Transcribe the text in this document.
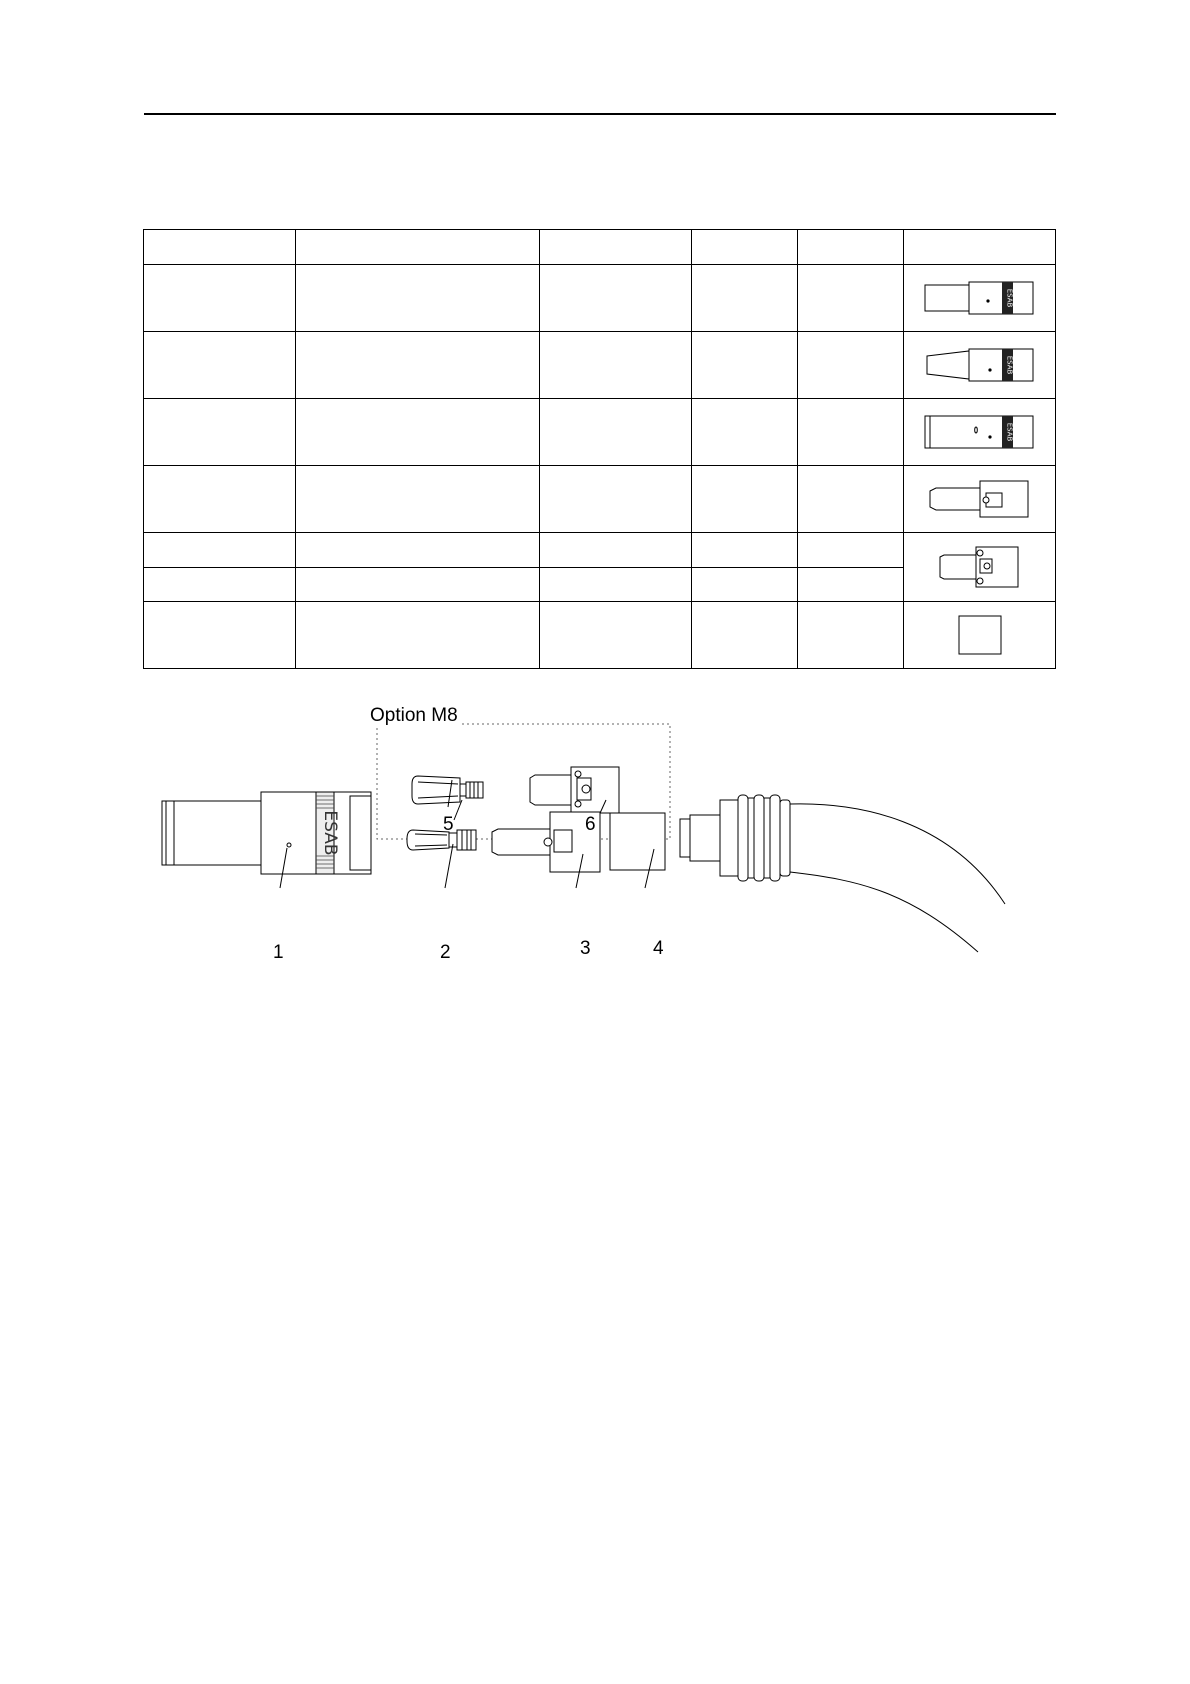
ESAB

ESAB

ESAB

ESAB
Option M8
5	6
1	2	3	4
